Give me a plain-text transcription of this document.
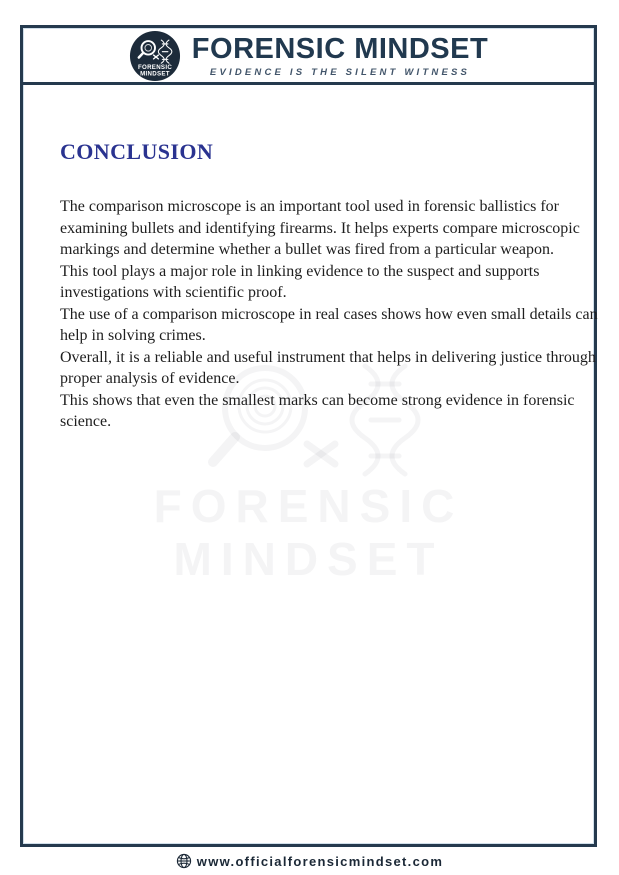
FORENSIC
MINDSET
FORENSIC MINDSET
EVIDENCE IS THE SILENT WITNESS
CONCLUSION

The comparison microscope is an important tool used in forensic ballistics for examining bullets and identifying firearms. It helps experts compare microscopic markings and determine whether a bullet was fired from a particular weapon.

This tool plays a major role in linking evidence to the suspect and supports investigations with scientific proof.

The use of a comparison microscope in real cases shows how even small details can help in solving crimes.

Overall, it is a reliable and useful instrument that helps in delivering justice through proper analysis of evidence.

This shows that even the smallest marks can become strong evidence in forensic science.

FORENSIC
MINDSET
www.officialforensicmindset.com
